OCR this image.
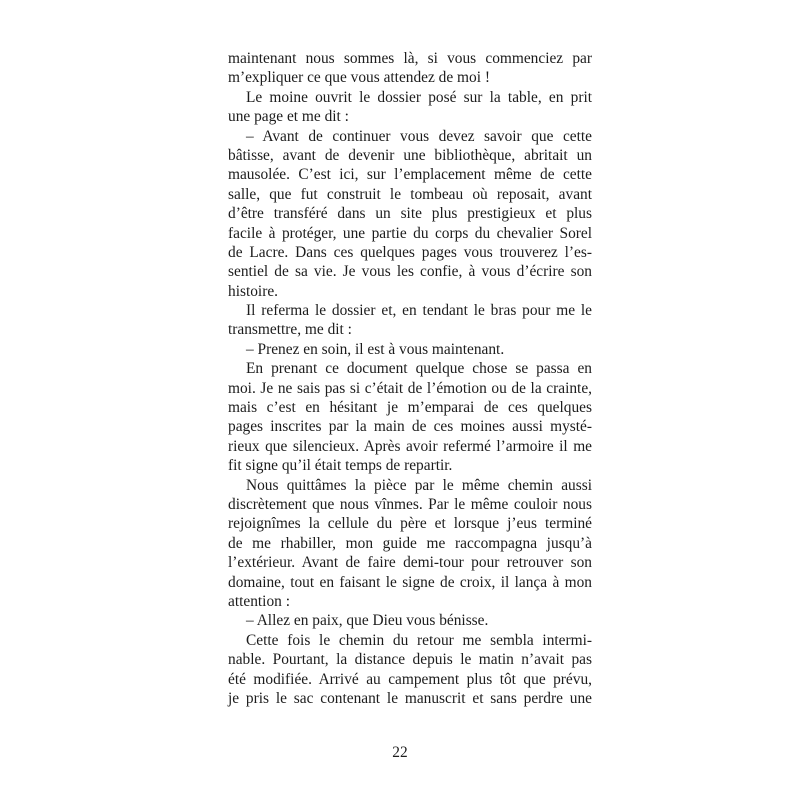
maintenant nous sommes là, si vous commenciez par
m’expliquer ce que vous attendez de moi !
Le moine ouvrit le dossier posé sur la table, en prit
une page et me dit :
– Avant de continuer vous devez savoir que cette
bâtisse, avant de devenir une bibliothèque, abritait un
mausolée. C’est ici, sur l’emplacement même de cette
salle, que fut construit le tombeau où reposait, avant
d’être transféré dans un site plus prestigieux et plus
facile à protéger, une partie du corps du chevalier Sorel
de Lacre. Dans ces quelques pages vous trouverez l’es-
sentiel de sa vie. Je vous les confie, à vous d’écrire son
histoire.
Il referma le dossier et, en tendant le bras pour me le
transmettre, me dit :
– Prenez en soin, il est à vous maintenant.
En prenant ce document quelque chose se passa en
moi. Je ne sais pas si c’était de l’émotion ou de la crainte,
mais c’est en hésitant je m’emparai de ces quelques
pages inscrites par la main de ces moines aussi mysté-
rieux que silencieux. Après avoir refermé l’armoire il me
fit signe qu’il était temps de repartir.
Nous quittâmes la pièce par le même chemin aussi
discrètement que nous vînmes. Par le même couloir nous
rejoignîmes la cellule du père et lorsque j’eus terminé
de me rhabiller, mon guide me raccompagna jusqu’à
l’extérieur. Avant de faire demi-tour pour retrouver son
domaine, tout en faisant le signe de croix, il lança à mon
attention :
– Allez en paix, que Dieu vous bénisse.
Cette fois le chemin du retour me sembla intermi-
nable. Pourtant, la distance depuis le matin n’avait pas
été modifiée. Arrivé au campement plus tôt que prévu,
je pris le sac contenant le manuscrit et sans perdre une
22
